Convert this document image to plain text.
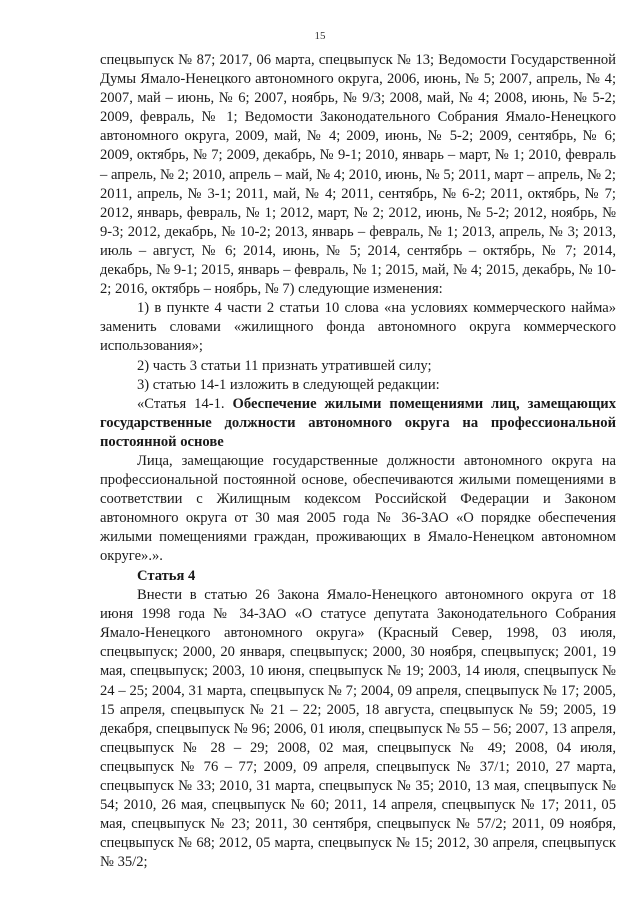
15

спецвыпуск № 87; 2017, 06 марта, спецвыпуск № 13; Ведомости Государственной Думы Ямало-Ненецкого автономного округа, 2006, июнь, № 5; 2007, апрель, № 4; 2007, май – июнь, № 6; 2007, ноябрь, № 9/3; 2008, май, № 4; 2008, июнь, № 5-2; 2009, февраль, № 1; Ведомости Законодательного Собрания Ямало-Ненецкого автономного округа, 2009, май, № 4; 2009, июнь, № 5-2; 2009, сентябрь, № 6; 2009, октябрь, № 7; 2009, декабрь, № 9-1; 2010, январь – март, № 1; 2010, февраль – апрель, № 2; 2010, апрель – май, № 4; 2010, июнь, № 5; 2011, март – апрель, № 2; 2011, апрель, № 3-1; 2011, май, № 4; 2011, сентябрь, № 6-2; 2011, октябрь, № 7; 2012, январь, февраль, № 1; 2012, март, № 2; 2012, июнь, № 5-2; 2012, ноябрь, № 9-3; 2012, декабрь, № 10-2; 2013, январь – февраль, № 1; 2013, апрель, № 3; 2013, июль – август, № 6; 2014, июнь, № 5; 2014, сентябрь – октябрь, № 7; 2014, декабрь, № 9-1; 2015, январь – февраль, № 1; 2015, май, № 4; 2015, декабрь, № 10-2; 2016, октябрь – ноябрь, № 7) следующие изменения:

1) в пункте 4 части 2 статьи 10 слова «на условиях коммерческого найма» заменить словами «жилищного фонда автономного округа коммерческого использования»;

2) часть 3 статьи 11 признать утратившей силу;

3) статью 14-1 изложить в следующей редакции:

«Статья 14-1. Обеспечение жилыми помещениями лиц, замещающих государственные должности автономного округа на профессиональной постоянной основе

Лица, замещающие государственные должности автономного округа на профессиональной постоянной основе, обеспечиваются жилыми помещениями в соответствии с Жилищным кодексом Российской Федерации и Законом автономного округа от 30 мая 2005 года № 36-ЗАО «О порядке обеспечения жилыми помещениями граждан, проживающих в Ямало-Ненецком автономном округе».».

Статья 4

Внести в статью 26 Закона Ямало-Ненецкого автономного округа от 18 июня 1998 года № 34-ЗАО «О статусе депутата Законодательного Собрания Ямало-Ненецкого автономного округа» (Красный Север, 1998, 03 июля, спецвыпуск; 2000, 20 января, спецвыпуск; 2000, 30 ноября, спецвыпуск; 2001, 19 мая, спецвыпуск; 2003, 10 июня, спецвыпуск № 19; 2003, 14 июля, спецвыпуск № 24 – 25; 2004, 31 марта, спецвыпуск № 7; 2004, 09 апреля, спецвыпуск № 17; 2005, 15 апреля, спецвыпуск № 21 – 22; 2005, 18 августа, спецвыпуск № 59; 2005, 19 декабря, спецвыпуск № 96; 2006, 01 июля, спецвыпуск № 55 – 56; 2007, 13 апреля, спецвыпуск № 28 – 29; 2008, 02 мая, спецвыпуск № 49; 2008, 04 июля, спецвыпуск № 76 – 77; 2009, 09 апреля, спецвыпуск № 37/1; 2010, 27 марта, спецвыпуск № 33; 2010, 31 марта, спецвыпуск № 35; 2010, 13 мая, спецвыпуск № 54; 2010, 26 мая, спецвыпуск № 60; 2011, 14 апреля, спецвыпуск № 17; 2011, 05 мая, спецвыпуск № 23; 2011, 30 сентября, спецвыпуск № 57/2; 2011, 09 ноября, спецвыпуск № 68; 2012, 05 марта, спецвыпуск № 15; 2012, 30 апреля, спецвыпуск № 35/2;
